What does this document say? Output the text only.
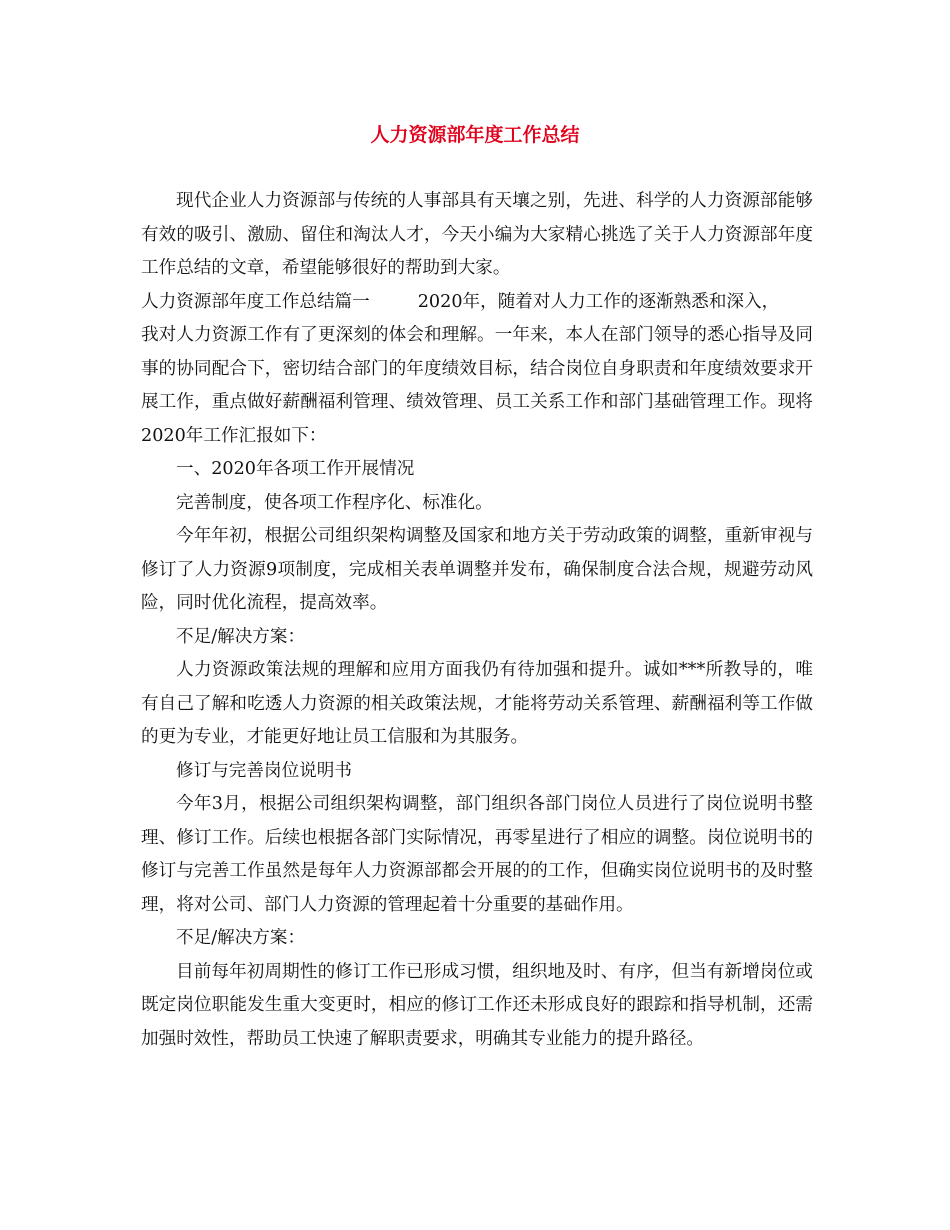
人力资源部年度工作总结

现代企业人力资源部与传统的人事部具有天壤之别，先进、科学的人力资源部能够有效的吸引、激励、留住和淘汰人才，今天小编为大家精心挑选了关于人力资源部年度工作总结的文章，希望能够很好的帮助到大家。

人力资源部年度工作总结篇一	2020年，随着对人力工作的逐渐熟悉和深入，
我对人力资源工作有了更深刻的体会和理解。一年来，本人在部门领导的悉心指导及同事的协同配合下，密切结合部门的年度绩效目标，结合岗位自身职责和年度绩效要求开展工作，重点做好薪酬福利管理、绩效管理、员工关系工作和部门基础管理工作。现将2020年工作汇报如下：

一、2020年各项工作开展情况

完善制度，使各项工作程序化、标准化。

今年年初，根据公司组织架构调整及国家和地方关于劳动政策的调整，重新审视与修订了人力资源9项制度，完成相关表单调整并发布，确保制度合法合规，规避劳动风险，同时优化流程，提高效率。

不足/解决方案：

人力资源政策法规的理解和应用方面我仍有待加强和提升。诚如***所教导的，唯有自己了解和吃透人力资源的相关政策法规，才能将劳动关系管理、薪酬福利等工作做的更为专业，才能更好地让员工信服和为其服务。

修订与完善岗位说明书

今年3月，根据公司组织架构调整，部门组织各部门岗位人员进行了岗位说明书整理、修订工作。后续也根据各部门实际情况，再零星进行了相应的调整。岗位说明书的修订与完善工作虽然是每年人力资源部都会开展的的工作，但确实岗位说明书的及时整理，将对公司、部门人力资源的管理起着十分重要的基础作用。

不足/解决方案：

目前每年初周期性的修订工作已形成习惯，组织地及时、有序，但当有新增岗位或既定岗位职能发生重大变更时，相应的修订工作还未形成良好的跟踪和指导机制，还需加强时效性，帮助员工快速了解职责要求，明确其专业能力的提升路径。
